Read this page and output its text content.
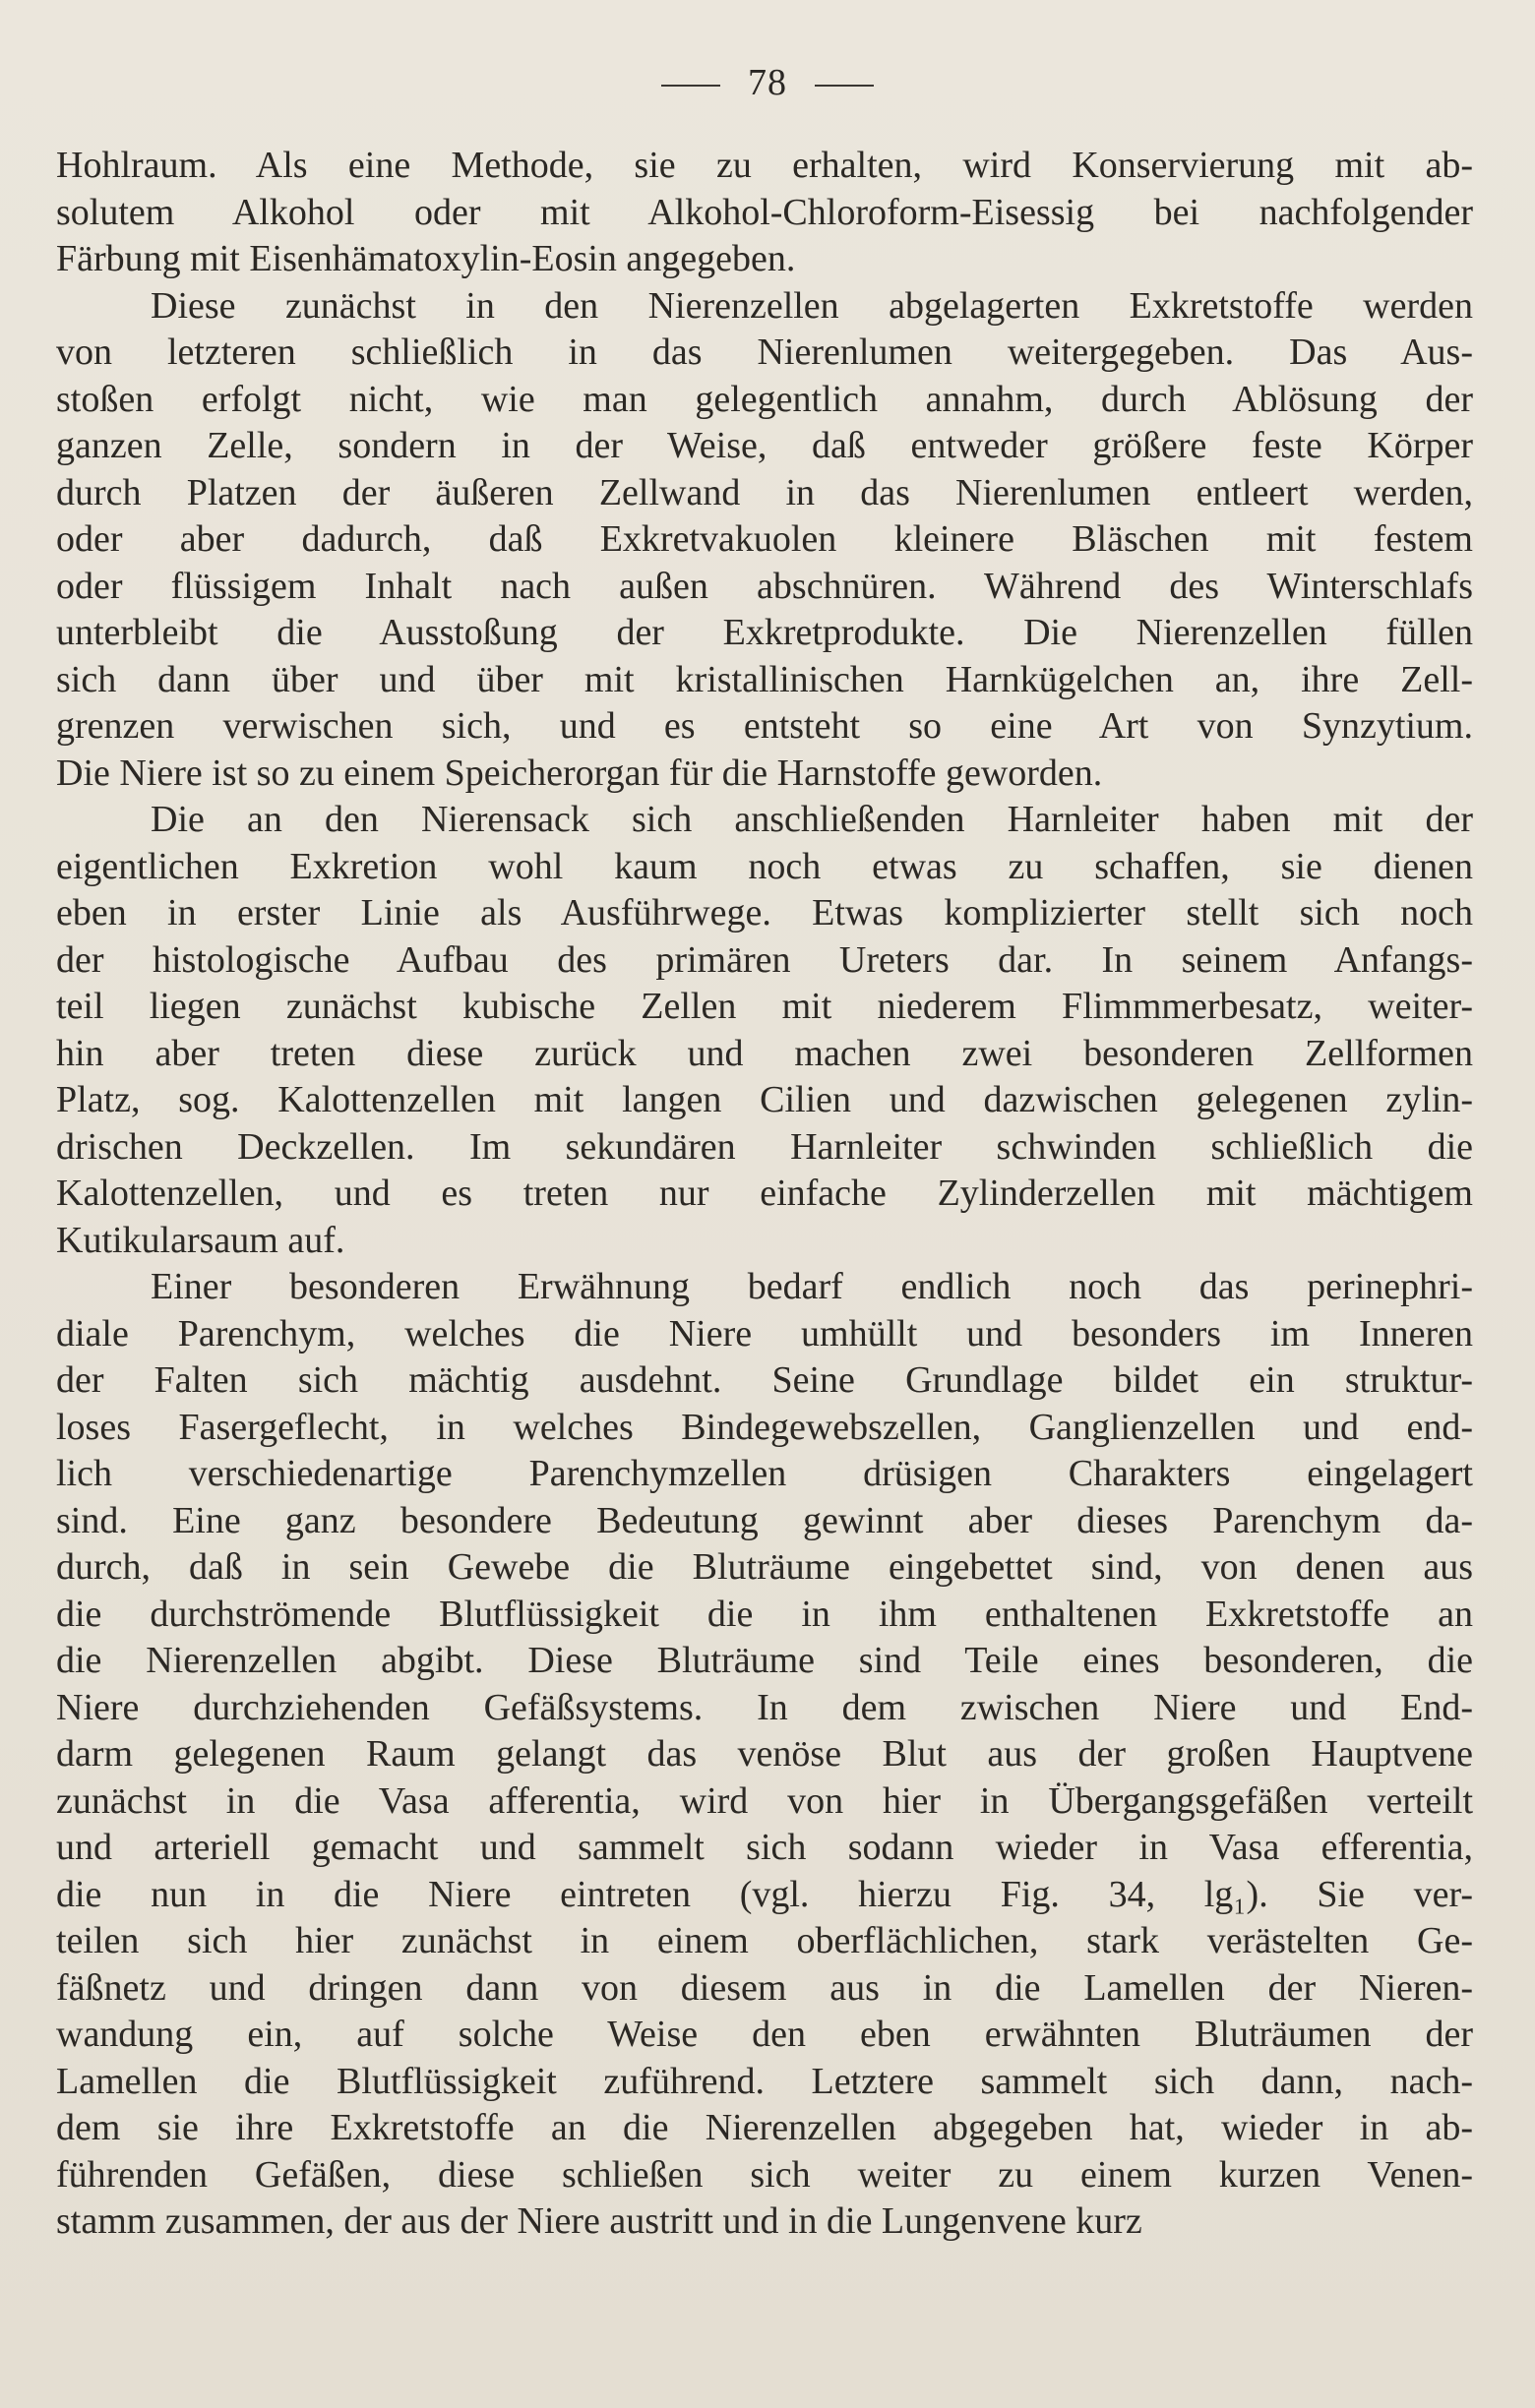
78
Hohlraum. Als eine Methode, sie zu erhalten, wird Konservierung mit ab-
solutem Alkohol oder mit Alkohol-Chloroform-Eisessig bei nachfolgender
Färbung mit Eisenhämatoxylin-Eosin angegeben.
Diese zunächst in den Nierenzellen abgelagerten Exkretstoffe werden
von letzteren schließlich in das Nierenlumen weitergegeben. Das Aus-
stoßen erfolgt nicht, wie man gelegentlich annahm, durch Ablösung der
ganzen Zelle, sondern in der Weise, daß entweder größere feste Körper
durch Platzen der äußeren Zellwand in das Nierenlumen entleert werden,
oder aber dadurch, daß Exkretvakuolen kleinere Bläschen mit festem
oder flüssigem Inhalt nach außen abschnüren. Während des Winterschlafs
unterbleibt die Ausstoßung der Exkretprodukte. Die Nierenzellen füllen
sich dann über und über mit kristallinischen Harnkügelchen an, ihre Zell-
grenzen verwischen sich, und es entsteht so eine Art von Synzytium.
Die Niere ist so zu einem Speicherorgan für die Harnstoffe geworden.
Die an den Nierensack sich anschließenden Harnleiter haben mit der
eigentlichen Exkretion wohl kaum noch etwas zu schaffen, sie dienen
eben in erster Linie als Ausführwege. Etwas komplizierter stellt sich noch
der histologische Aufbau des primären Ureters dar. In seinem Anfangs-
teil liegen zunächst kubische Zellen mit niederem Flimmmerbesatz, weiter-
hin aber treten diese zurück und machen zwei besonderen Zellformen
Platz, sog. Kalottenzellen mit langen Cilien und dazwischen gelegenen zylin-
drischen Deckzellen. Im sekundären Harnleiter schwinden schließlich die
Kalottenzellen, und es treten nur einfache Zylinderzellen mit mächtigem
Kutikularsaum auf.
Einer besonderen Erwähnung bedarf endlich noch das perinephri-
diale Parenchym, welches die Niere umhüllt und besonders im Inneren
der Falten sich mächtig ausdehnt. Seine Grundlage bildet ein struktur-
loses Fasergeflecht, in welches Bindegewebszellen, Ganglienzellen und end-
lich verschiedenartige Parenchymzellen drüsigen Charakters eingelagert
sind. Eine ganz besondere Bedeutung gewinnt aber dieses Parenchym da-
durch, daß in sein Gewebe die Bluträume eingebettet sind, von denen aus
die durchströmende Blutflüssigkeit die in ihm enthaltenen Exkretstoffe an
die Nierenzellen abgibt. Diese Bluträume sind Teile eines besonderen, die
Niere durchziehenden Gefäßsystems. In dem zwischen Niere und End-
darm gelegenen Raum gelangt das venöse Blut aus der großen Hauptvene
zunächst in die Vasa afferentia, wird von hier in Übergangsgefäßen verteilt
und arteriell gemacht und sammelt sich sodann wieder in Vasa efferentia,
die nun in die Niere eintreten (vgl. hierzu Fig. 34, lg₁). Sie ver-
teilen sich hier zunächst in einem oberflächlichen, stark verästelten Ge-
fäßnetz und dringen dann von diesem aus in die Lamellen der Nieren-
wandung ein, auf solche Weise den eben erwähnten Bluträumen der
Lamellen die Blutflüssigkeit zuführend. Letztere sammelt sich dann, nach-
dem sie ihre Exkretstoffe an die Nierenzellen abgegeben hat, wieder in ab-
führenden Gefäßen, diese schließen sich weiter zu einem kurzen Venen-
stamm zusammen, der aus der Niere austritt und in die Lungenvene kurz
